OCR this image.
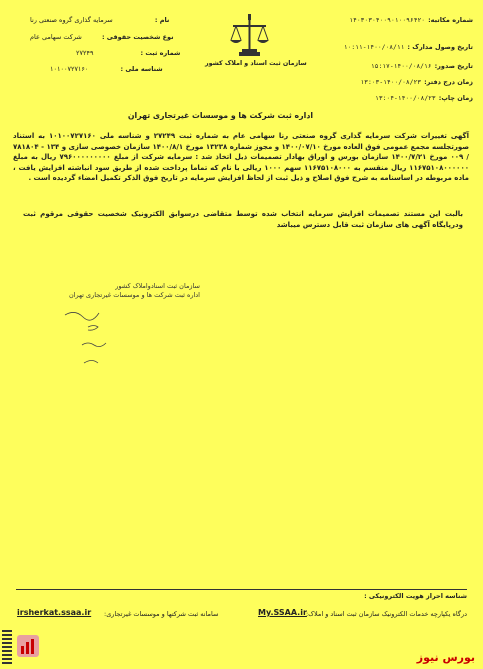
شماره مکاتبه:۱۴۰۳۰۳۰۴۰۰۹۰۱۰۰۹۶۴۲۰
تاریخ وصول مدارک :۱۴۰۰/۰۸/۱۱-۱۰:۱۱
تاریخ صدور:۱۴۰۰/۰۸/۱۶-۱۵:۱۷
زمان درج دفتر:۱۴۰۰/۰۸/۲۳-۱۳:۰۳
زمان چاپ:۱۴۰۰/۰۸/۲۳-۱۳:۰۴
سازمان ثبت اسناد و املاک کشور
نام : سرمایه گذاری گروه صنعتی رنا
نوع شخصیت حقوقی : شرکت سهامی عام
شماره ثبت : ۲۷۲۴۹
شناسه ملی : ۱۰۱۰۰۷۲۷۱۶۰
اداره ثبت شرکت ها و موسسات غیرتجاری تهران
آگهی تغییرات شرکت سرمایه گذاری گروه صنعتی رنا سهامی عام به شماره ثبت ۲۷۲۴۹ و شناسه ملی ۱۰۱۰۰۷۲۷۱۶۰ به استناد صورتجلسه مجمع عمومی فوق العاده مورخ ۱۴۰۰/۰۷/۱۰ و مجوز شماره ۱۳۲۳۸ مورخ ۱۴۰۰/۸/۱ سازمان خصوصی سازی و ۱۳۴ - ۷۸۱۸۰۴ / ۰۰۹ مورخ ۱۴۰۰/۷/۲۱ سازمان بورس و اوراق بهادار تصمیمات ذیل اتخاذ شد : سرمایه شرکت از مبلغ ۷۹۶۰۰۰۰۰۰۰۰۰ ریال به مبلغ ۱۱۶۷۵۱۰۸۰۰۰۰۰۰ ریال منقسم به ۱۱۶۷۵۱۰۸۰۰۰ سهم ۱۰۰۰ ریالی با نام که تماما پرداخت شده از طریق سود انباشته افزایش یافت ، ماده مربوطه در اساسنامه به شرح فوق اصلاح و ذیل ثبت از لحاظ افزایش سرمایه در تاریخ فوق الذکر تکمیل امضاء گردیده است .
بالبت این مستند تصمیمات افزایش سرمایه انتخاب شده توسط متقاضی درسوابق الکترونیک شخصیت حقوقی مرقوم ثبت ودرپایگاه آگهی های سازمان ثبت قابل دسترس میباشد
سازمان ثبت اسنادواملاک کشور
اداره ثبت شرکت ها و موسسات غیرتجاری تهران
شناسه احراز هویت الکترونیکی :
درگاه یکپارچه خدمات الکترونیک سازمان ثبت اسناد و املاک:
My.SSAA.ir
سامانه ثبت شرکتها و موسسات غیرتجاری:
irsherkat.ssaa.ir
بورس نیوز
